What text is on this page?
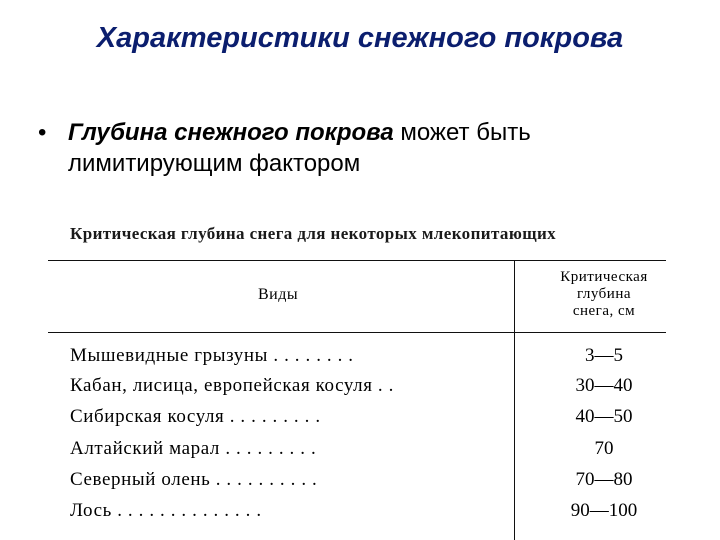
Характеристики снежного покрова
• Глубина снежного покрова может быть лимитирующим фактором
Критическая глубина снега для некоторых млекопитающих
Виды
Критическая
глубина
снега, см
Мышевидные грызуны . . . . . . . .	3—5
Кабан, лисица, европейская косуля . .	30—40
Сибирская косуля . . . . . . . . .	40—50
Алтайский марал . . . . . . . . .	70
Северный олень . . . . . . . . . .	70—80
Лось . . . . . . . . . . . . . .	90—100
